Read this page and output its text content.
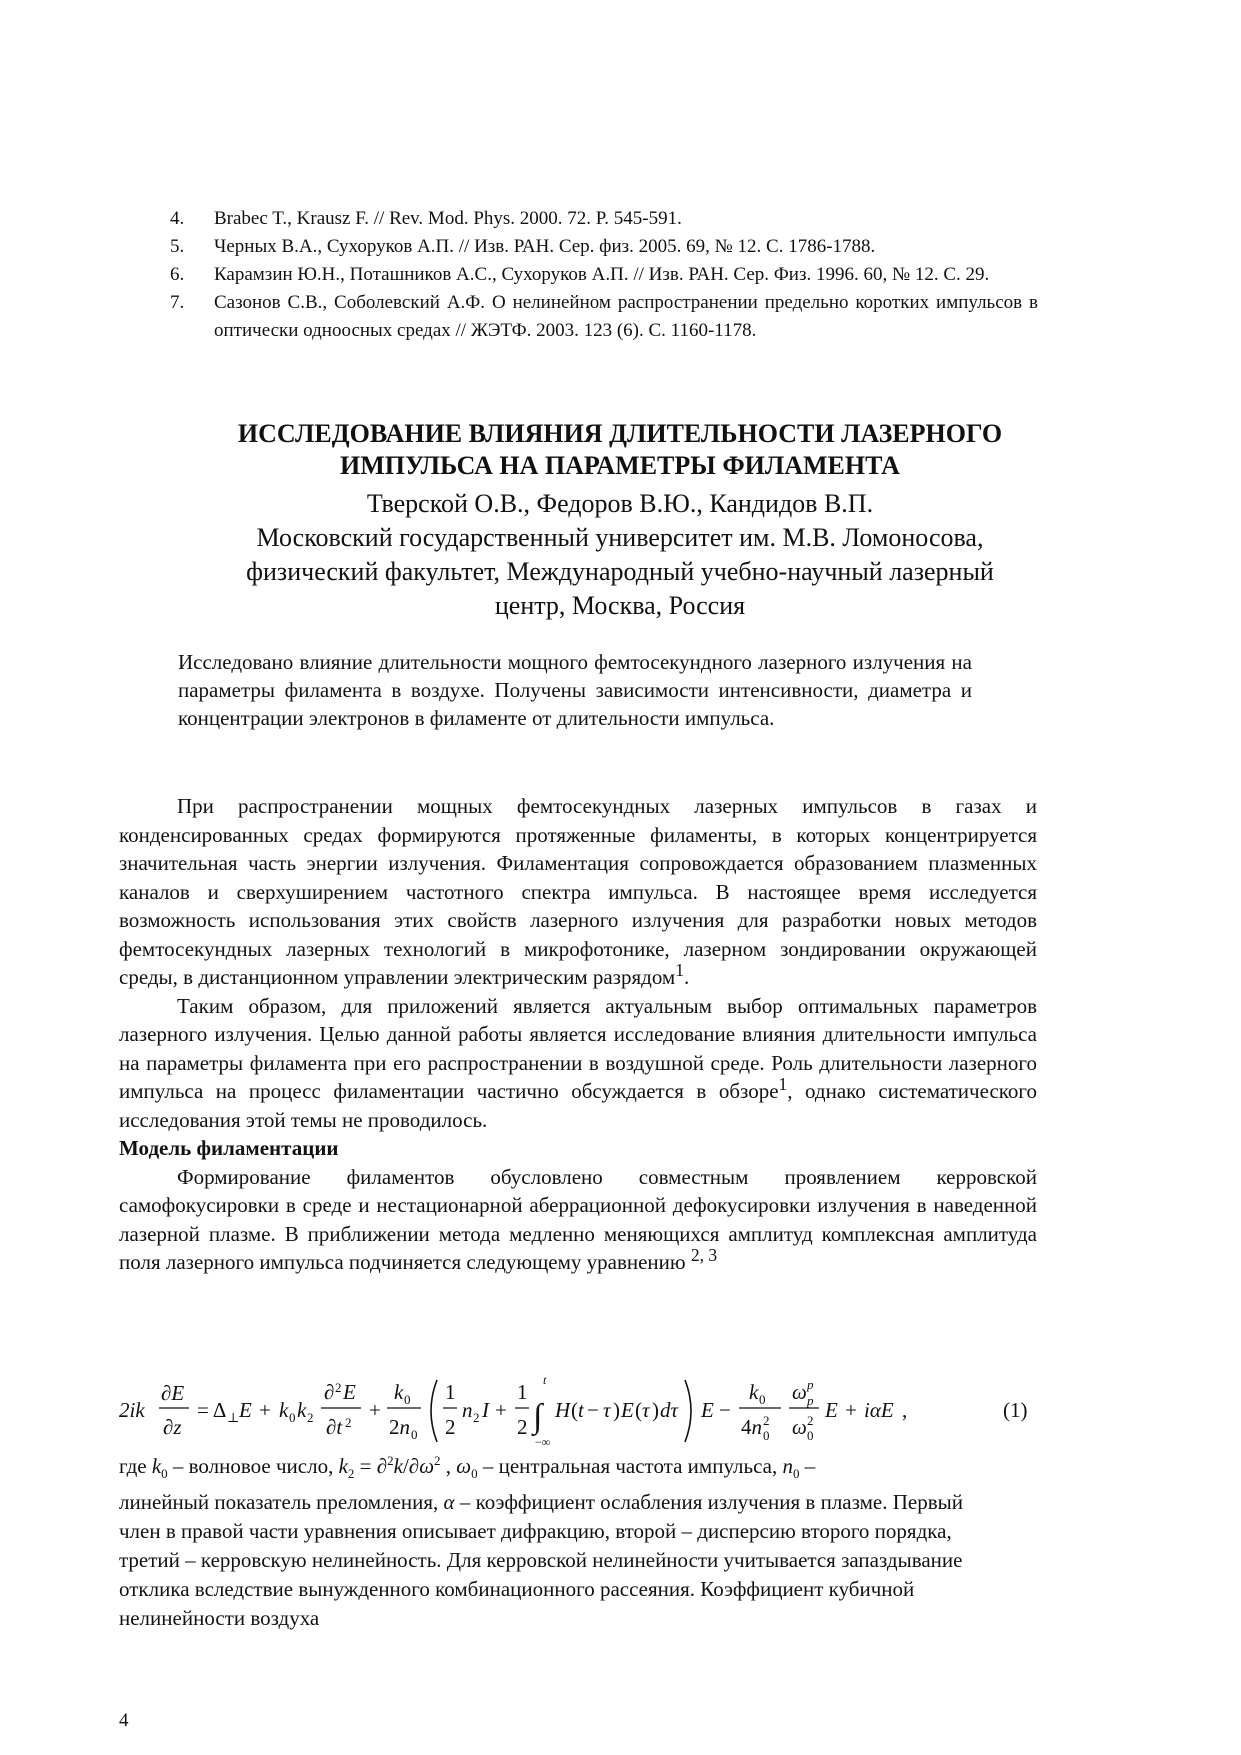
4. Brabec T., Krausz F. // Rev. Mod. Phys. 2000. 72. P. 545-591.
5. Черных В.А., Сухоруков А.П. // Изв. РАН. Сер. физ. 2005. 69, № 12. С. 1786-1788.
6. Карамзин Ю.Н., Поташников А.С., Сухоруков А.П. // Изв. РАН. Сер. Физ. 1996. 60, № 12. С. 29.
7. Сазонов С.В., Соболевский А.Ф. О нелинейном распространении предельно коротких импульсов в оптически одноосных средах // ЖЭТФ. 2003. 123 (6). С. 1160-1178.
ИССЛЕДОВАНИЕ ВЛИЯНИЯ ДЛИТЕЛЬНОСТИ ЛАЗЕРНОГО
ИМПУЛЬСА НА ПАРАМЕТРЫ ФИЛАМЕНТА
Тверской О.В., Федоров В.Ю., Кандидов В.П.
Московский государственный университет им. М.В. Ломоносова,
физический факультет, Международный учебно-научный лазерный
центр, Москва, Россия
Исследовано влияние длительности мощного фемтосекундного лазерного излучения на параметры филамента в воздухе. Получены зависимости интенсивности, диаметра и концентрации электронов в филаменте от длительности импульса.

При распространении мощных фемтосекундных лазерных импульсов в газах и конденсированных средах формируются протяженные филаменты, в которых концентрируется значительная часть энергии излучения. Филаментация сопровождается образованием плазменных каналов и сверхуширением частотного спектра импульса. В настоящее время исследуется возможность использования этих свойств лазерного излучения для разработки новых методов фемтосекундных лазерных технологий в микрофотонике, лазерном зондировании окружающей среды, в дистанционном управлении электрическим разрядом$^1$.

Таким образом, для приложений является актуальным выбор оптимальных параметров лазерного излучения. Целью данной работы является исследование влияния длительности импульса на параметры филамента при его распространении в воздушной среде. Роль длительности лазерного импульса на процесс филаментации частично обсуждается в обзоре$^1$, однако систематического исследования этой темы не проводилось.

Модель филаментации

Формирование филаментов обусловлено совместным проявлением керровской самофокусировки в среде и нестационарной аберрационной дефокусировки излучения в наведенной лазерной плазме. В приближении метода медленно меняющихся амплитуд комплексная амплитуда поля лазерного импульса подчиняется следующему уравнению $^{2, 3}$

2ik
∂E
∂z
= Δ ⊥ E + k 0 k 2
∂ 2 E
∂t 2
+
k 0
2n 0
1
2
n 2 I +
1
2 ∫
t
−∞
H ( t − τ ) E ( τ ) dτ E −
k 0
4n 2
0
ω p
p
ω 2
0
E + iαE ,	(1)
где $k_0$ – волновое число, $k_2 = \partial^2k/\partial\omega^2$ , $\omega_0$ – центральная частота импульса, $n_0$ –
линейный показатель преломления, α – коэффициент ослабления излучения в плазме. Первый член в правой части уравнения описывает дифракцию, второй – дисперсию второго порядка, третий – керровскую нелинейность. Для керровской нелинейности учитывается запаздывание отклика вследствие вынужденного комбинационного рассеяния. Коэффициент кубичной нелинейности воздуха
4
